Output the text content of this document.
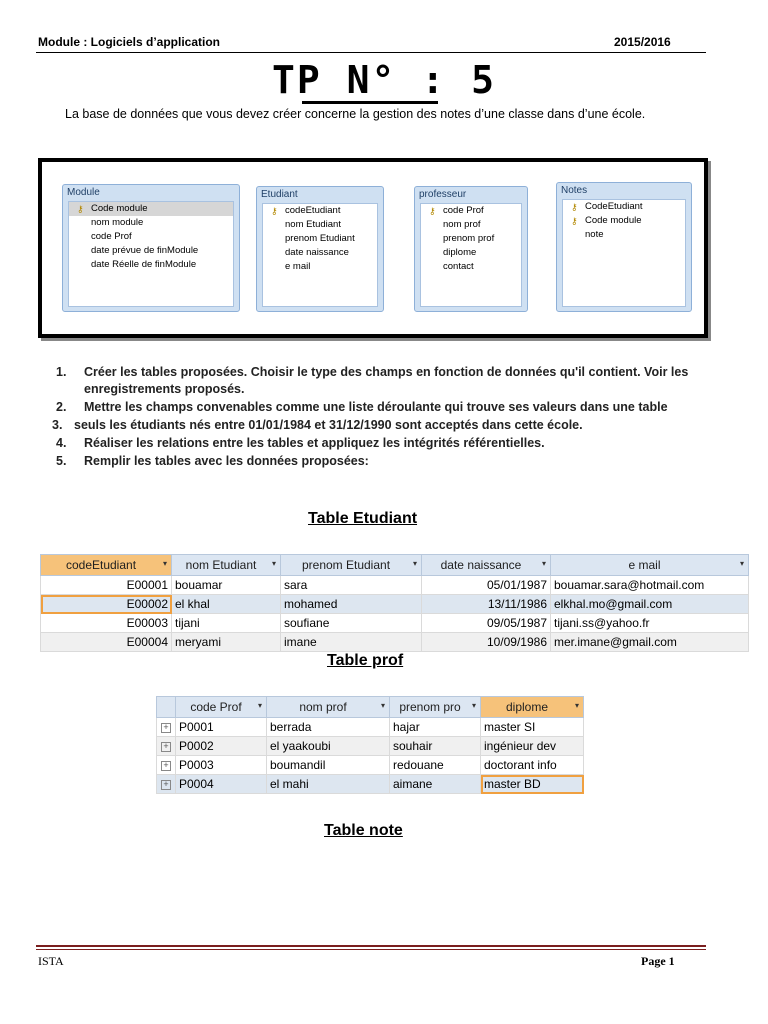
Module : Logiciels d’application	2015/2016
TP N° : 5
La base de données que vous devez créer concerne la gestion des notes d’une classe dans d’une école.
Module
⚷ Code module
nom module
code Prof
date prévue de finModule
date Réelle de finModule
Etudiant
⚷ codeEtudiant
nom Etudiant
prenom Etudiant
date naissance
e mail
professeur
⚷ code Prof
nom prof
prenom prof
diplome
contact
Notes
⚷ CodeEtudiant
⚷ Code module
note
1. Créer les tables proposées. Choisir le type des champs en fonction de données qu'il contient. Voir les enregistrements proposés.
2. Mettre les champs convenables comme une liste déroulante qui trouve ses valeurs dans une table
3. seuls les étudiants nés entre 01/01/1984 et 31/12/1990 sont acceptés dans cette école.
4. Réaliser les relations entre les tables et appliquez les intégrités référentielles.
5. Remplir les tables avec les données proposées:
Table Etudiant
codeEtudiant ▾	nom Etudiant ▾	prenom Etudiant ▾	date naissance ▾	e mail ▾

E00001	bouamar	sara	05/01/1987	bouamar.sara@hotmail.com
E00002	el khal	mohamed	13/11/1986	elkhal.mo@gmail.com
E00003	tijani	soufiane	09/05/1987	tijani.ss@yahoo.fr
E00004	meryami	imane	10/09/1986	mer.imane@gmail.com
Table prof
	code Prof ▾	nom prof ▾	prenom pro ▾	diplome ▾

+	P0001	berrada	hajar	master SI
+	P0002	el yaakoubi	souhair	ingénieur dev
+	P0003	boumandil	redouane	doctorant info
+	P0004	el mahi	aimane	master BD
Table note
ISTA	Page 1
